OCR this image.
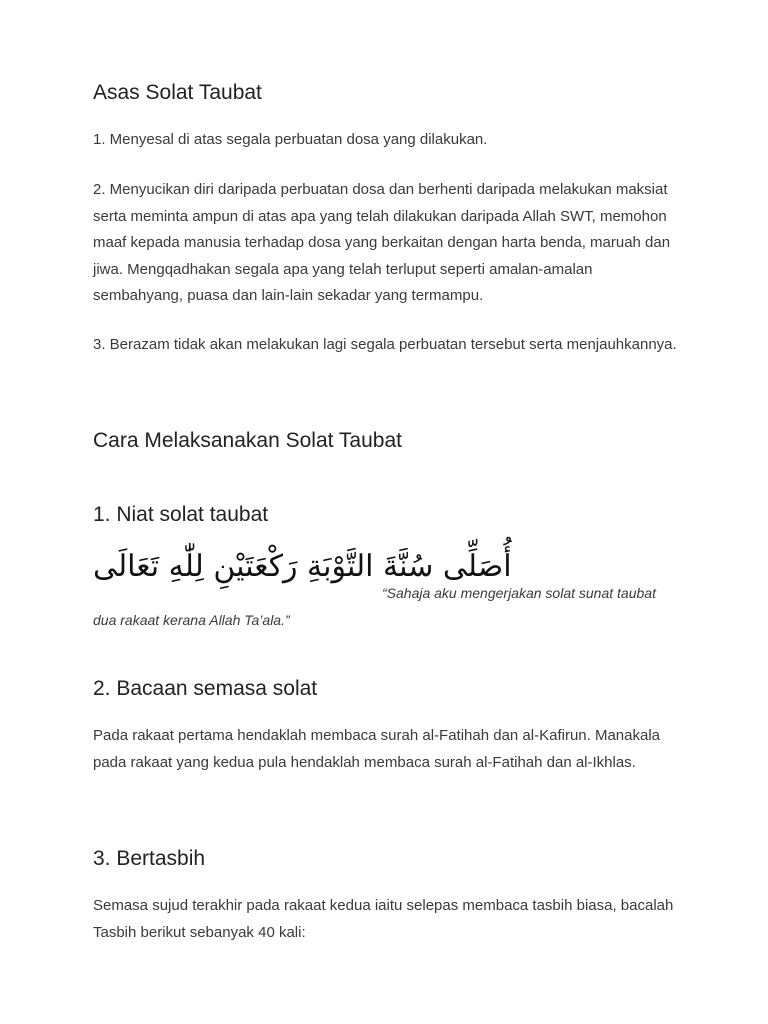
Asas Solat Taubat

1. Menyesal di atas segala perbuatan dosa yang dilakukan.

2. Menyucikan diri daripada perbuatan dosa dan berhenti daripada melakukan maksiat serta meminta ampun di atas apa yang telah dilakukan daripada Allah SWT, memohon maaf kepada manusia terhadap dosa yang berkaitan dengan harta benda, maruah dan jiwa. Mengqadhakan segala apa yang telah terluput seperti amalan-amalan sembahyang, puasa dan lain-lain sekadar yang termampu.

3. Berazam tidak akan melakukan lagi segala perbuatan tersebut serta menjauhkannya.

Cara Melaksanakan Solat Taubat
1. Niat solat taubat
أُصَلِّى سُنَّةَ التَّوْبَةِ رَكْعَتَيْنِ لِلّٰهِ تَعَالَى
“Sahaja aku mengerjakan solat sunat taubat dua rakaat kerana Allah Ta’ala.”
2. Bacaan semasa solat

Pada rakaat pertama hendaklah membaca surah al-Fatihah dan al-Kafirun. Manakala pada rakaat yang kedua pula hendaklah membaca surah al-Fatihah dan al-Ikhlas.

3. Bertasbih

Semasa sujud terakhir pada rakaat kedua iaitu selepas membaca tasbih biasa, bacalah Tasbih berikut sebanyak 40 kali:
